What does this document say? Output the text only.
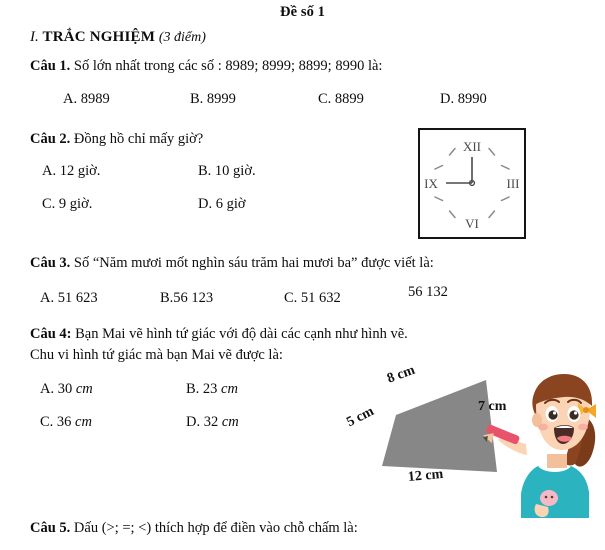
Đề số 1
I. TRẮC NGHIỆM (3 điểm)
Câu 1. Số lớn nhất trong các số : 8989; 8999; 8899; 8990 là:
A. 8989	B. 8999	C. 8899	D. 8990
Câu 2. Đồng hồ chỉ mấy giờ?
A. 12 giờ.	B. 10 giờ.
C. 9 giờ.	D. 6 giờ
XII
III
VI
IX
Câu 3. Số “Năm mươi mốt nghìn sáu trăm hai mươi ba” được viết là:
A. 51 623	B.56 123	C. 51 632	56 132
Câu 4: Bạn Mai vẽ hình tứ giác với độ dài các cạnh như hình vẽ. Chu vi hình tứ giác mà bạn Mai vẽ được là:
A. 30 cm	B. 23 cm
C. 36 cm	D. 32 cm
8 cm
7 cm
5 cm
12 cm
Câu 5. Dấu (>; =; <) thích hợp để điền vào chỗ chấm là:
